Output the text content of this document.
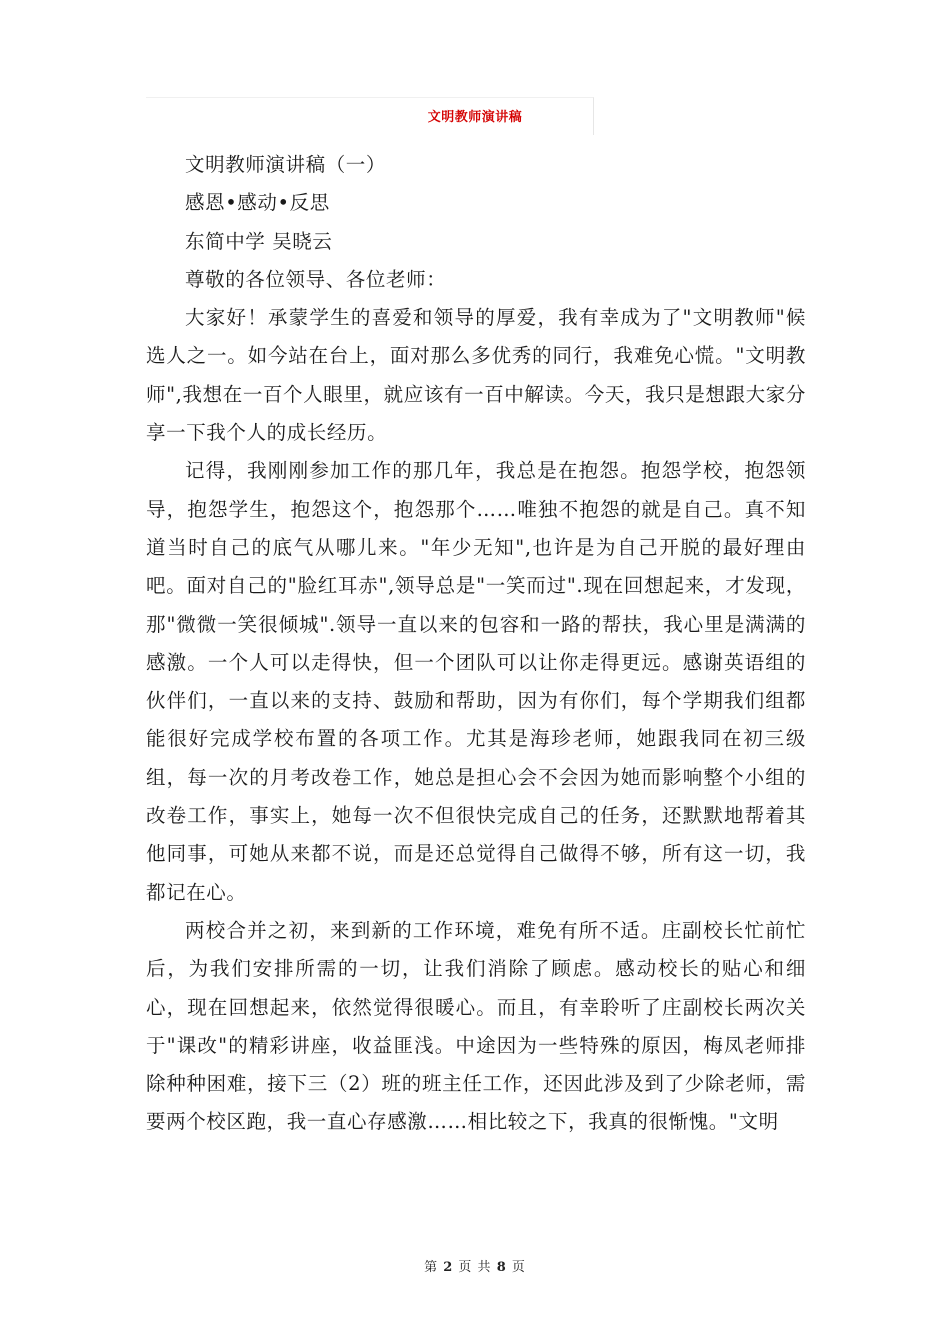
文明教师演讲稿

文明教师演讲稿（一）

感恩•感动•反思

东简中学 吴晓云

尊敬的各位领导、各位老师：

大家好！承蒙学生的喜爱和领导的厚爱，我有幸成为了"文明教师"候选人之一。如今站在台上，面对那么多优秀的同行，我难免心慌。"文明教师",我想在一百个人眼里，就应该有一百中解读。今天，我只是想跟大家分享一下我个人的成长经历。

记得，我刚刚参加工作的那几年，我总是在抱怨。抱怨学校，抱怨领导，抱怨学生，抱怨这个，抱怨那个……唯独不抱怨的就是自己。真不知道当时自己的底气从哪儿来。"年少无知",也许是为自己开脱的最好理由吧。面对自己的"脸红耳赤",领导总是"一笑而过".现在回想起来，才发现，那"微微一笑很倾城".领导一直以来的包容和一路的帮扶，我心里是满满的感激。一个人可以走得快，但一个团队可以让你走得更远。感谢英语组的伙伴们，一直以来的支持、鼓励和帮助，因为有你们，每个学期我们组都能很好完成学校布置的各项工作。尤其是海珍老师，她跟我同在初三级组，每一次的月考改卷工作，她总是担心会不会因为她而影响整个小组的改卷工作，事实上，她每一次不但很快完成自己的任务，还默默地帮着其他同事，可她从来都不说，而是还总觉得自己做得不够，所有这一切，我都记在心。

两校合并之初，来到新的工作环境，难免有所不适。庄副校长忙前忙后，为我们安排所需的一切，让我们消除了顾虑。感动校长的贴心和细心，现在回想起来，依然觉得很暖心。而且，有幸聆听了庄副校长两次关于"课改"的精彩讲座，收益匪浅。中途因为一些特殊的原因，梅凤老师排除种种困难，接下三（2）班的班主任工作，还因此涉及到了少除老师，需要两个校区跑，我一直心存感激……相比较之下，我真的很惭愧。"文明

第 2 页 共 8 页
